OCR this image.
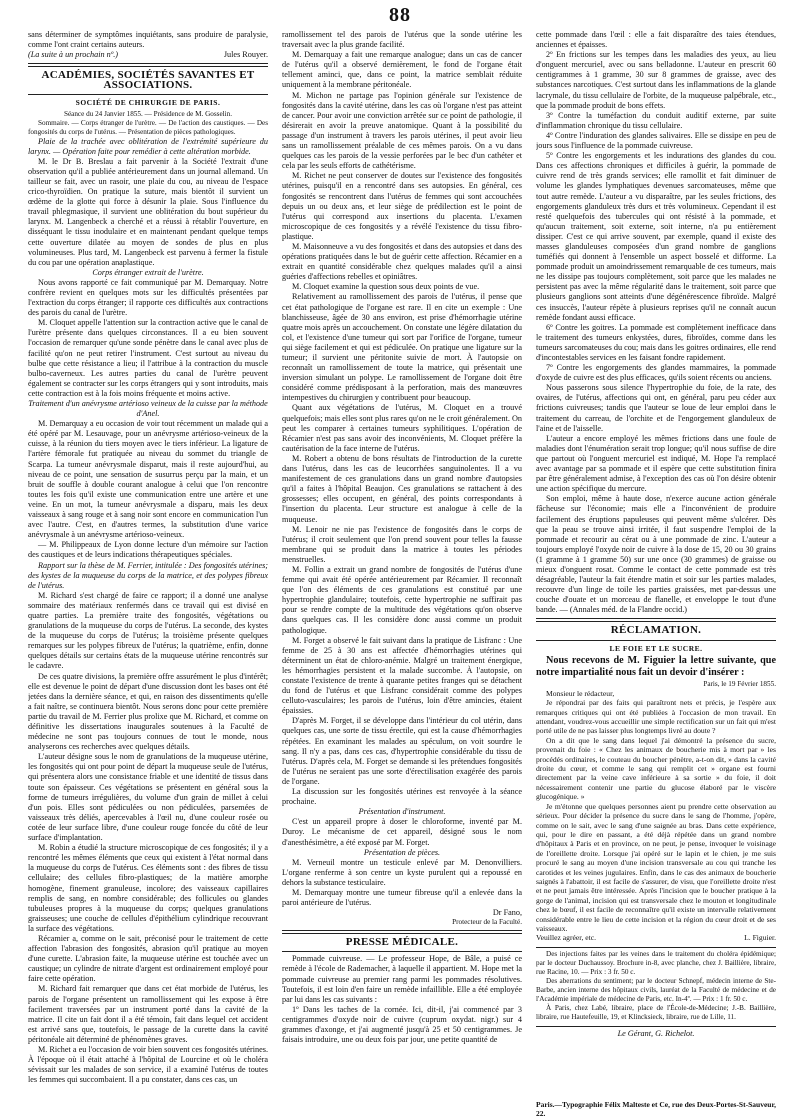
88

sans déterminer de symptômes inquiétants, sans produire de paralysie, comme l'ont craint certains auteurs.

(La suite à un prochain nº.)	Jules Rouyer.
ACADÉMIES, SOCIÉTÉS SAVANTES ET ASSOCIATIONS.
SOCIÉTÉ DE CHIRURGIE DE PARIS.

Séance du 24 Janvier 1855. — Présidence de M. Gosselin.

Sommaire. — Corps étranger de l'urètre. — De l'action des caustiques. — Des fongosités du corps de l'utérus. — Présentation de pièces pathologiques.

Plaie de la trachée avec oblitération de l'extrémité supérieure du larynx. — Opération faite pour remédier à cette altération morbide.

M. le Dr B. Breslau a fait parvenir à la Société l'extrait d'une observation qu'il a publiée antérieurement dans un journal allemand. Un tailleur se fait, avec un rasoir, une plaie du cou, au niveau de l'espace crico-thyroïdien. On pratique la suture, mais bientôt il survient un œdème de la glotte qui force à désunir la plaie. Sous l'influence du travail phlegmasique, il survient une oblitération du bout supérieur du larynx. M. Langenbeck a cherché et a réussi à rétablir l'ouverture, en disséquant le tissu inodulaire et en maintenant pendant quelque temps cette ouverture dilatée au moyen de sondes de plus en plus volumineuses. Plus tard, M. Langenbeck est parvenu à fermer la fistule du cou par une opération anaplastique.

Corps étranger extrait de l'urètre.

Nous avons rapporté ce fait communiqué par M. Demarquay. Notre confrère revient en quelques mots sur les difficultés présentées par l'extraction du corps étranger; il rapporte ces difficultés aux contractions des parois du canal de l'urètre.

M. Cloquet appelle l'attention sur la contraction active que le canal de l'urètre présente dans quelques circonstances. Il a eu bien souvent l'occasion de remarquer qu'une sonde pénètre dans le canal avec plus de facilité qu'on ne peut retirer l'instrument. C'est surtout au niveau du bulbe que cette résistance a lieu; il l'attribue à la contraction du muscle bulbo-caverneux. Les autres parties du canal de l'urètre peuvent également se contracter sur les corps étrangers qui y sont introduits, mais cette contraction est à la fois moins fréquente et moins active.

Traitement d'un anévrysme artérioso veineux de la cuisse par la méthode d'Anel.

M. Demarquay a eu occasion de voir tout récemment un malade qui a été opéré par M. Lesauvage, pour un anévrysme artérioso-veineux de la cuisse, à la réunion du tiers moyen avec le tiers inférieur. La ligature de l'artère fémorale fut pratiquée au niveau du sommet du triangle de Scarpa. La tumeur anévrysmale disparut, mais il reste aujourd'hui, au niveau de ce point, une sensation de susurrus perçu par la main, et un bruit de souffle à double courant analogue à celui que l'on rencontre toutes les fois qu'il existe une communication entre une artère et une veine. En un mot, la tumeur anévrysmale a disparu, mais les deux vaisseaux à sang rouge et à sang noir sont encore en communication l'un avec l'autre. C'est, en d'autres termes, la substitution d'une varice anévrysmale à un anévrysme artérioso-veineux.

— M. Philippeaux de Lyon donne lecture d'un mémoire sur l'action des caustiques et de leurs indications thérapeutiques spéciales.

Rapport sur la thèse de M. Ferrier, intitulée : Des fongosités utérines; des kystes de la muqueuse du corps de la matrice, et des polypes fibreux de l'utérus.

M. Richard s'est chargé de faire ce rapport; il a donné une analyse sommaire des matériaux renfermés dans ce travail qui est divisé en quatre parties. La première traite des fongosités, végétations ou granulations de la muqueuse du corps de l'utérus. La seconde, des kystes de la muqueuse du corps de l'utérus; la troisième présente quelques remarques sur les polypes fibreux de l'utérus; la quatrième, enfin, donne quelques détails sur certains états de la muqueuse utérine rencontrés sur le cadavre.

De ces quatre divisions, la première offre assurément le plus d'intérêt; elle est devenue le point de départ d'une discussion dont les bases ont été jetées dans la dernière séance, et qui, en raison des dissentiments qu'elle a fait naître, se continuera bientôt. Nous serons donc pour cette première partie du travail de M. Ferrier plus prolixe que M. Richard, et comme on définitive les dissertations inaugurales soutenues à la Faculté de médecine ne sont pas toujours connues de tout le monde, nous analyserons ces recherches avec quelques détails.

L'auteur désigne sous le nom de granulations de la muqueuse utérine, les fongosités qui ont pour point de départ la muqueuse seule de l'utérus, qui présentera alors une consistance friable et une identité de tissus dans toute son épaisseur. Ces végétations se présentent en général sous la forme de tumeurs irrégulières, du volume d'un grain de millet à celui d'un pois. Elles sont pédiculées ou non pédiculées, parsemées de vaisseaux très déliés, apercevables à l'œil nu, d'une couleur rosée ou cotée de leur surface libre, d'une couleur rouge foncée du côté de leur surface d'implantation.

M. Robin a étudié la structure microscopique de ces fongosités; il y a rencontré les mêmes éléments que ceux qui existent à l'état normal dans la muqueuse du corps de l'utérus. Ces éléments sont : des fibres de tissu cellulaire; des cellules fibro-plastiques; de la matière amorphe homogène, finement granuleuse, incolore; des vaisseaux capillaires remplis de sang, en nombre considérable; des follicules ou glandes tubuleuses propres à la muqueuse du corps; quelques granulations graisseuses; une couche de cellules d'épithélium cylindrique recouvrant la surface des végétations.

Récamier a, comme on le sait, préconisé pour le traitement de cette affection l'abrasion des fongosités, abrasion qu'il pratique au moyen d'une curette. L'abrasion faite, la muqueuse utérine est touchée avec un caustique; un cylindre de nitrate d'argent est ordinairement employé pour faire cette opération.

M. Richard fait remarquer que dans cet état morbide de l'utérus, les parois de l'organe présentent un ramollissement qui les expose à être facilement traversées par un instrument porté dans la cavité de la matrice. Il cite un fait dont il a été témoin, fait dans lequel cet accident est arrivé sans que, toutefois, le passage de la curette dans la cavité péritonéale ait déterminé de phénomènes graves.

M. Richet a eu l'occasion de voir bien souvent ces fongosités utérines. À l'époque où il était attaché à l'hôpital de Lourcine et où le choléra sévissait sur les malades de son service, il a examiné l'utérus de toutes les femmes qui succombaient. Il a pu constater, dans ces cas, un

ramollissement tel des parois de l'utérus que la sonde utérine les traversait avec la plus grande facilité.

M. Demarquay a fait une remarque analogue; dans un cas de cancer de l'utérus qu'il a observé dernièrement, le fond de l'organe était tellement aminci, que, dans ce point, la matrice semblait réduite uniquement à la membrane péritonéale.

M. Michon ne partage pas l'opinion générale sur l'existence de fongosités dans la cavité utérine, dans les cas où l'organe n'est pas atteint de cancer. Pour avoir une conviction arrêtée sur ce point de pathologie, il désirerait en avoir la preuve anatomique. Quant à la possibilité du passage d'un instrument à travers les parois utérines, il peut avoir lieu sans un ramollissement préalable de ces mêmes parois. On a vu dans quelques cas les parois de la vessie perforées par le bec d'un cathéter et cela par les seuls efforts de cathétérisme.

M. Richet ne peut conserver de doutes sur l'existence des fongosités utérines, puisqu'il en a rencontré dans ses autopsies. En général, ces fongosités se rencontrent dans l'utérus de femmes qui sont accouchées depuis un ou deux ans, et leur siège de prédilection est le point de l'utérus qui correspond aux insertions du placenta. L'examen microscopique de ces fongosités y a révélé l'existence du tissu fibro-plastique.

M. Maisonneuve a vu des fongosités et dans des autopsies et dans des opérations pratiquées dans le but de guérir cette affection. Récamier en a extrait en quantité considérable chez quelques malades qu'il a ainsi guéries d'affections rebelles et opiniâtres.

M. Cloquet examine la question sous deux points de vue.

Relativement au ramollissement des parois de l'utérus, il pense que cet état pathologique de l'organe est rare. Il en cite un exemple : Une blanchisseuse, âgée de 30 ans environ, est prise d'hémorrhagie utérine quatre mois après un accouchement. On constate une légère dilatation du col, et l'existence d'une tumeur qui sort par l'orifice de l'organe, tumeur qui siège facilement et qui est pédiculée. On pratique une ligature sur la tumeur; il survient une péritonite suivie de mort. À l'autopsie on reconnaît un ramollissement de toute la matrice, qui présentait une inversion simulant un polype. Le ramollissement de l'organe doit être considéré comme prédisposant à la perforation, mais des manœuvres intempestives du chirurgien y contribuent pour beaucoup.

Quant aux végétations de l'utérus, M. Cloquet en a trouvé quelquefois; mais elles sont plus rares qu'on ne le croit généralement. On peut les comparer à certaines tumeurs syphilitiques. L'opération de Récamier n'est pas sans avoir des inconvénients, M. Cloquet préfère la cautérisation de la face interne de l'utérus.

M. Robert a obtenu de bons résultats de l'introduction de la curette dans l'utérus, dans les cas de leucorrhées sanguinolentes. Il a vu manifestement de ces granulations dans un grand nombre d'autopsies qu'il a faites à l'hôpital Beaujon. Ces granulations se rattachent à des grossesses; elles occupent, en général, des points correspondants à l'insertion du placenta. Leur structure est analogue à celle de la muqueuse.

M. Lenoir ne nie pas l'existence de fongosités dans le corps de l'utérus; il croit seulement que l'on prend souvent pour telles la fausse membrane qui se produit dans la matrice à toutes les périodes menstruelles.

M. Follin a extrait un grand nombre de fongosités de l'utérus d'une femme qui avait été opérée antérieurement par Récamier. Il reconnaît que l'on des éléments de ces granulations est constitué par une hypertrophie glandulaire; toutefois, cette hypertrophie ne suffirait pas pour se rendre compte de la multitude des végétations qu'on observe dans quelques cas. Il les considère donc aussi comme un produit pathologique.

M. Forget a observé le fait suivant dans la pratique de Lisfranc : Une femme de 25 à 30 ans est affectée d'hémorrhagies utérines qui déterminent un état de chloro-anémie. Malgré un traitement énergique, les hémorrhagies persistent et la malade succombe. À l'autopsie, on constate l'existence de trente à quarante petites franges qui se détachent du fond de l'utérus et que Lisfranc considérait comme des polypes celluto-vasculaires; les parois de l'utérus, loin d'être amincies, étaient épaissies.

D'après M. Forget, il se développe dans l'intérieur du col utérin, dans quelques cas, une sorte de tissu érectile, qui est la cause d'hémorrhagies répétées. En examinant les malades au spéculum, on voit sourdre le sang. Il n'y a pas, dans ces cas, d'hypertrophie considérable du tissu de l'utérus. D'après cela, M. Forget se demande si les prétendues fongosités de l'utérus ne seraient pas une sorte d'érectilisation exagérée des parois de l'organe.

La discussion sur les fongosités utérines est renvoyée à la séance prochaine.

Présentation d'instrument.

C'est un appareil propre à doser le chloroforme, inventé par M. Duroy. Le mécanisme de cet appareil, désigné sous le nom d'anesthésimètre, a été exposé par M. Forget.

Présentation de pièces.

M. Verneuil montre un testicule enlevé par M. Denonvilliers. L'organe renferme à son centre un kyste purulent qui a repoussé en dehors la substance testiculaire.

M. Demarquay montre une tumeur fibreuse qu'il a enlevée dans la paroi antérieure de l'utérus.

Dr Fano,

Protecteur de la Faculté.

PRESSE MÉDICALE.

Pommade cuivreuse. — Le professeur Hope, de Bâle, a puisé ce remède à l'école de Rademacher, à laquelle il appartient. M. Hope met la pommade cuivreuse au premier rang parmi les pommades résolutives. Toutefois, il est loin d'en faire un remède infaillible. Elle a été employée par lui dans les cas suivants :

1º Dans les taches de la cornée. Ici, dit-il, j'ai commencé par 3 centigrammes d'oxyde noir de cuivre (cuprum oxydat. nigr.) sur 4 grammes d'axonge, et j'ai augmenté jusqu'à 25 et 50 centigrammes. Je faisais introduire, une ou deux fois par jour, une petite quantité de

cette pommade dans l'œil : elle a fait disparaître des taies étendues, anciennes et épaisses.

2º En frictions sur les tempes dans les maladies des yeux, au lieu d'onguent mercuriel, avec ou sans belladonne. L'auteur en prescrit 60 centigrammes à 1 gramme, 30 sur 8 grammes de graisse, avec des substances narcotiques. C'est surtout dans les inflammations de la glande lacrymale, du tissu cellulaire de l'orbite, de la muqueuse palpébrale, etc., que la pommade produit de bons effets.

3º Contre la tuméfaction du conduit auditif externe, par suite d'inflammation chronique du tissu cellulaire.

4º Contre l'induration des glandes salivaires. Elle se dissipe en peu de jours sous l'influence de la pommade cuivreuse.

5º Contre les engorgements et les indurations des glandes du cou. Dans ces affections chroniques et difficiles à guérir, la pommade de cuivre rend de très grands services; elle ramollit et fait diminuer de volume les glandes lymphatiques devenues sarcomateuses, même que tout autre remède. L'auteur a vu disparaître, par les seules frictions, des engorgements glanduleux très durs et très volumineux. Cependant il est resté quelquefois des tubercules qui ont résisté à la pommade, et qu'aucun traitement, soit externe, soit interne, n'a pu entièrement dissiper. C'est ce qui arrive souvent, par exemple, quand il existe des masses glanduleuses composées d'un grand nombre de ganglions tuméfiés qui donnent à l'ensemble un aspect bosselé et difforme. La pommade produit un amoindrissement remarquable de ces tumeurs, mais ne les dissipe pas toujours complètement, soit parce que les malades ne persistent pas avec la même régularité dans le traitement, soit parce que plusieurs ganglions sont atteints d'une dégénérescence fibroïde. Malgré ces insuccès, l'auteur répète à plusieurs reprises qu'il ne connaît aucun remède fondant aussi efficace.

6º Contre les goitres. La pommade est complètement inefficace dans le traitement des tumeurs enkystées, dures, fibroïdes, comme dans les tumeurs sarcomateuses du cou; mais dans les goitres ordinaires, elle rend d'incontestables services en les faisant fondre rapidement.

7º Contre les engorgements des glandes mammaires, la pommade d'oxyde de cuivre est des plus efficaces, qu'ils soient récents ou anciens.

Nous passerons sous silence l'hypertrophie du foie, de la rate, des ovaires, de l'utérus, affections qui ont, en général, paru peu céder aux frictions cuivreuses; tandis que l'auteur se loue de leur emploi dans le traitement du carreau, de l'orchite et de l'engorgement glanduleux de l'aine et de l'aisselle.

L'auteur a encore employé les mêmes frictions dans une foule de maladies dont l'énumération serait trop longue; qu'il nous suffise de dire que partout où l'onguent mercuriel est indiqué, M. Hope l'a remplacé avec avantage par sa pommade et il espère que cette substitution finira par être généralement admise, à l'exception des cas où l'on désire obtenir une action spécifique du mercure.

Son emploi, même à haute dose, n'exerce aucune action générale fâcheuse sur l'économie; mais elle a l'inconvénient de produire facilement des éruptions papuleuses qui peuvent même s'ulcérer. Dès que la peau se trouve ainsi irritée, il faut suspendre l'emploi de la pommade et recourir au cérat ou à une pommade de zinc. L'auteur a toujours employé l'oxyde noir de cuivre à la dose de 15, 20 ou 30 grains (1 gramme à 1 gramme 50) sur une once (30 grammes) de graisse ou mieux d'onguent rosat. Comme le contact de cette pommade est très désagréable, l'auteur la fait étendre matin et soir sur les parties malades, recouvre d'un linge de toile les parties graissées, met par-dessus une couche d'ouate et un morceau de flanelle, et enveloppe le tout d'une bande. — (Annales méd. de la Flandre occid.)

RÉCLAMATION.
LE FOIE ET LE SUCRE.

Nous recevons de M. Figuier la lettre suivante, que notre impartialité nous fait un devoir d'insérer :

Paris, le 19 Février 1855.

Monsieur le rédacteur,

Je répondrai par des faits qui paraîtront nets et précis, je l'espère aux remarques critiques qui ont été publiées à l'occasion de mon travail. En attendant, voudrez-vous accueillir une simple rectification sur un fait qui m'est porté utile de ne pas laisser plus longtemps livré au doute ?

On a dit que le sang dans lequel j'ai démontré la présence du sucre, provenait du foie : « Chez les animaux de boucherie mis à mort par » les procédés ordinaires, le couteau du boucher pénètre, a-t-on dit, » dans la cavité droite du cœur, et comme le sang qui remplit cet » organe est fourni directement par la veine cave inférieure à sa sortie » du foie, il doit nécessairement contenir une partie du glucose élaboré par le viscère glucogénique. »

Je m'étonne que quelques personnes aient pu prendre cette observation au sérieux. Pour décider la présence du sucre dans le sang de l'homme, j'opère, comme on le sait, avec le sang d'une saignée au bras. Dans cette expérience, qui, pour le dire en passant, a été déjà répétée dans un grand nombre d'hôpitaux à Paris et en province, on ne peut, je pense, invoquer le voisinage de l'oreillette droite. Lorsque j'ai opéré sur le lapin et le chien, je me suis procuré le sang au moyen d'une incision transversale au cou qui tranche les carotides et les veines jugulaires. Enfin, dans le cas des animaux de boucherie saignés à l'abattoir, il est facile de s'assurer, de visu, que l'oreillette droite n'est et ne peut jamais être intéressée. Après l'incision que le boucher pratique à la gorge de l'animal, incision qui est transversale chez le mouton et longitudinale chez le bœuf, il est facile de reconnaître qu'il existe un intervalle relativement considérable entre le lieu de cette incision et la région du cœur droit et de ses vaisseaux.

Veuillez agréer, etc.	L. Figuier.

Des injections faites par les veines dans le traitement du choléra épidémique; par le docteur Duchaussoy. Brochure in-8, avec planche, chez J. Baillière, libraire, rue Racine, 10. — Prix : 3 fr. 50 c.

Des aberrations du sentiment; par le docteur Schnepf, médecin interne de Ste-Barbe, ancien interne des hôpitaux civils, lauréat de la Faculté de médecine et de l'Académie impériale de médecine de Paris, etc. In-4º. — Prix : 1 fr. 50 c.

À Paris, chez Labé, libraire, place de l'École-de-Médecine; J.-B. Baillière, libraire, rue Hautefeuille, 19, et Klincksieck, libraire, rue de Lille, 11.

Le Gérant, G. Richelot.

Paris.—Typographie Félix Malteste et Ce, rue des Deux-Portes-St-Sauveur, 22.
